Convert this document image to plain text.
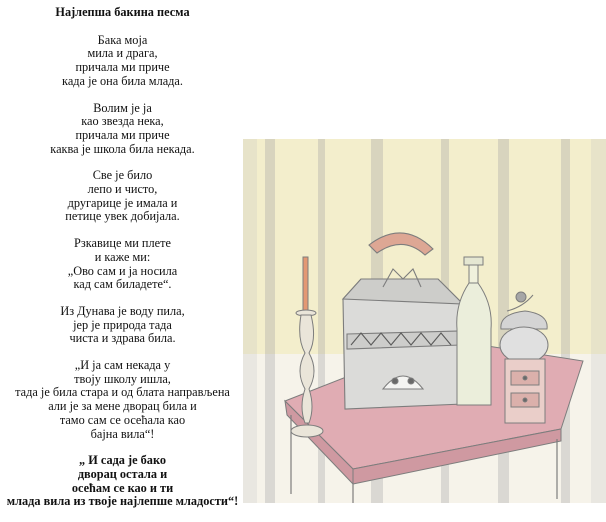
Најлепша бакина песма
Бака моја
мила и драга,
причала ми приче
када је она била млада.
Волим је ја
као звезда нека,
причала ми приче
каква је школа била некада.
Све је било
лепо и чисто,
другарице је имала и
петице увек добијала.
Рзкавице ми плете
и каже ми:
„Ово сам и ја носила
кад сам биладете“.
Из Дунава је воду пила,
јер је природа тада
чиста и здрава била.
„И ја сам некада у
твоју школу ишла,
тада је била стара и од блата направљена
али је за мене дворац била и
тамо сам се осећала као
бајна вила“!
„ И сада је бако
дворац остала и
осећам се као и ти
млада вила из твоје најлепше младости“!
